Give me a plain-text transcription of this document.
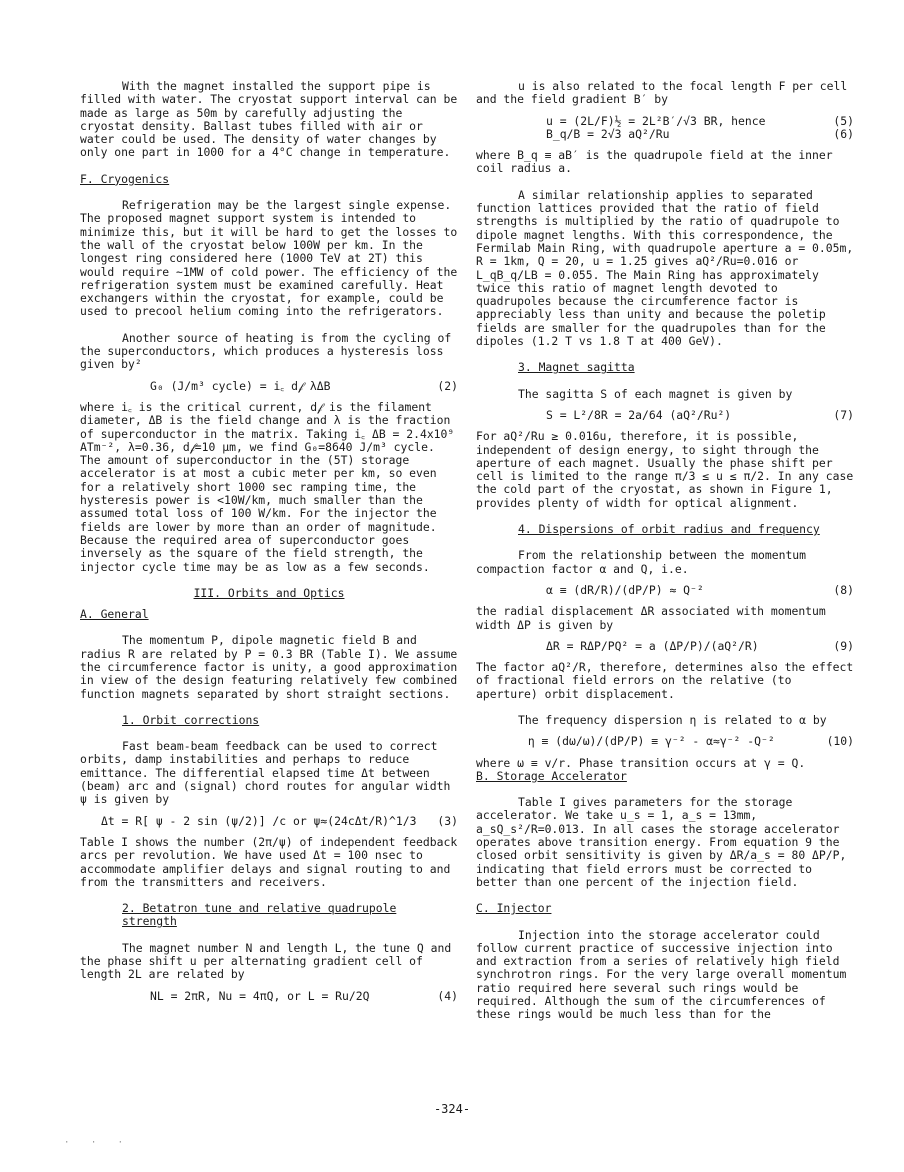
With the magnet installed the support pipe is filled with water. The cryostat support interval can be made as large as 50m by carefully adjusting the cryostat density. Ballast tubes filled with air or water could be used. The density of water changes by only one part in 1000 for a 4°C change in temperature.

F. Cryogenics

Refrigeration may be the largest single expense. The proposed magnet support system is intended to minimize this, but it will be hard to get the losses to the wall of the cryostat below 100W per km. In the longest ring considered here (1000 TeV at 2T) this would require ~1MW of cold power. The efficiency of the refrigeration system must be examined carefully. Heat exchangers within the cryostat, for example, could be used to precool helium coming into the refrigerators.

Another source of heating is from the cycling of the superconductors, which produces a hysteresis loss given by²

G₀ (J/m³ cycle) = i꜀ d𝒻 λΔB	(2)

where i꜀ is the critical current, d𝒻 is the filament diameter, ΔB is the field change and λ is the fraction of superconductor in the matrix. Taking i꜀ ΔB = 2.4x10⁹ ATm⁻², λ=0.36, d𝒻=10 μm, we find G₀=8640 J/m³ cycle. The amount of superconductor in the (5T) storage accelerator is at most a cubic meter per km, so even for a relatively short 1000 sec ramping time, the hysteresis power is <10W/km, much smaller than the assumed total loss of 100 W/km. For the injector the fields are lower by more than an order of magnitude. Because the required area of superconductor goes inversely as the square of the field strength, the injector cycle time may be as low as a few seconds.

III. Orbits and Optics

A. General

The momentum P, dipole magnetic field B and radius R are related by P = 0.3 BR (Table I). We assume the circumference factor is unity, a good approximation in view of the design featuring relatively few combined function magnets separated by short straight sections.

1. Orbit corrections

Fast beam-beam feedback can be used to correct orbits, damp instabilities and perhaps to reduce emittance. The differential elapsed time Δt between (beam) arc and (signal) chord routes for angular width ψ is given by

Δt = R[ ψ - 2 sin (ψ/2)] /c or ψ≈(24cΔt/R)^1/3	(3)

Table I shows the number (2π/ψ) of independent feedback arcs per revolution. We have used Δt = 100 nsec to accommodate amplifier delays and signal routing to and from the transmitters and receivers.

2. Betatron tune and relative quadrupole strength

The magnet number N and length L, the tune Q and the phase shift u per alternating gradient cell of length 2L are related by

NL = 2πR, Nu = 4πQ, or L = Ru/2Q	(4)

u is also related to the focal length F per cell and the field gradient B′ by

u = (2L/F)½ = 2L²B′/√3 BR, hence	(5)
B_q/B = 2√3 aQ²/Ru	(6)

where B_q ≡ aB′ is the quadrupole field at the inner coil radius a.

A similar relationship applies to separated function lattices provided that the ratio of field strengths is multiplied by the ratio of quadrupole to dipole magnet lengths. With this correspondence, the Fermilab Main Ring, with quadrupole aperture a = 0.05m, R = 1km, Q = 20, u = 1.25 gives aQ²/Ru=0.016 or L_qB_q/LB = 0.055. The Main Ring has approximately twice this ratio of magnet length devoted to quadrupoles because the circumference factor is appreciably less than unity and because the poletip fields are smaller for the quadrupoles than for the dipoles (1.2 T vs 1.8 T at 400 GeV).

3. Magnet sagitta

The sagitta S of each magnet is given by

S = L²/8R = 2a/64 (aQ²/Ru²)	(7)

For aQ²/Ru ≥ 0.016u, therefore, it is possible, independent of design energy, to sight through the aperture of each magnet. Usually the phase shift per cell is limited to the range π/3 ≤ u ≤ π/2. In any case the cold part of the cryostat, as shown in Figure 1, provides plenty of width for optical alignment.

4. Dispersions of orbit radius and frequency

From the relationship between the momentum compaction factor α and Q, i.e.

α ≡ (dR/R)/(dP/P) ≈ Q⁻²	(8)

the radial displacement ΔR associated with momentum width ΔP is given by

ΔR = RΔP/PQ² = a (ΔP/P)/(aQ²/R)	(9)

The factor aQ²/R, therefore, determines also the effect of fractional field errors on the relative (to aperture) orbit displacement.

The frequency dispersion η is related to α by

η ≡ (dω/ω)/(dP/P) ≡ γ⁻² - α≈γ⁻² -Q⁻²	(10)

where ω ≡ v/r. Phase transition occurs at γ = Q.

B. Storage Accelerator

Table I gives parameters for the storage accelerator. We take u_s = 1, a_s = 13mm, a_sQ_s²/R=0.013. In all cases the storage accelerator operates above transition energy. From equation 9 the closed orbit sensitivity is given by ΔR/a_s = 80 ΔP/P, indicating that field errors must be corrected to better than one percent of the injection field.

C. Injector

Injection into the storage accelerator could follow current practice of successive injection into and extraction from a series of relatively high field synchrotron rings. For the very large overall momentum ratio required here several such rings would be required. Although the sum of the circumferences of these rings would be much less than for the

-324-
· · ·
